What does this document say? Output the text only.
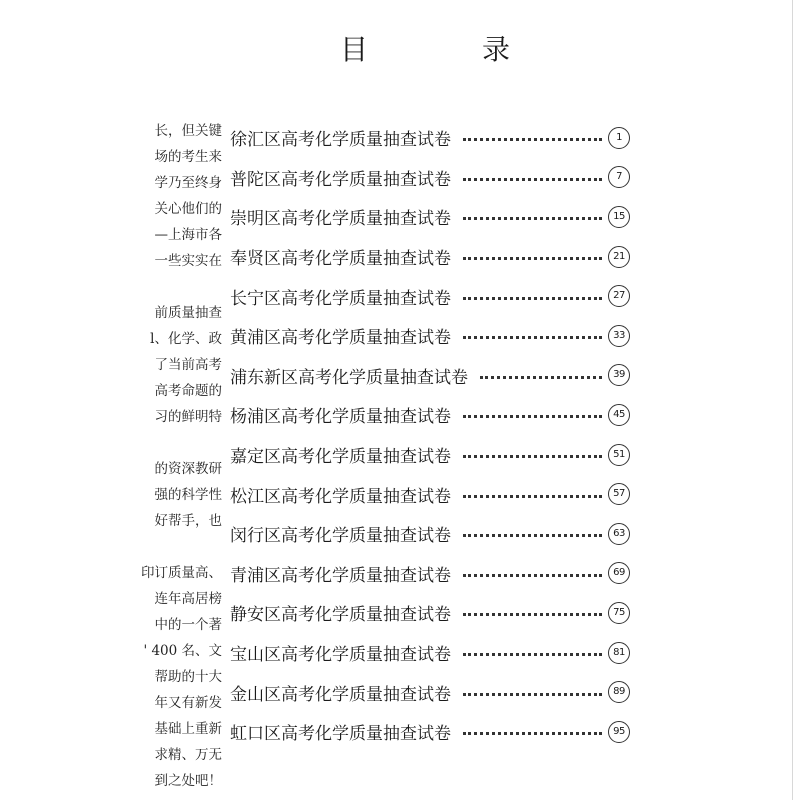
目	录
长，但关键
场的考生来
学乃至终身
关心他们的
—上海市各
一些实实在
前质量抽查
l、化学、政
了当前高考
高考命题的
习的鲜明特
的资深教研
强的科学性
好帮手，也
印订质量高、
连年高居榜
中的一个著
' 400 名、文
帮助的十大
年又有新发
基础上重新
求精、万无
到之处吧！
徐汇区高考化学质量抽查试卷	1
普陀区高考化学质量抽查试卷	7
崇明区高考化学质量抽查试卷	15
奉贤区高考化学质量抽查试卷	21
长宁区高考化学质量抽查试卷	27
黄浦区高考化学质量抽查试卷	33
浦东新区高考化学质量抽查试卷	39
杨浦区高考化学质量抽查试卷	45
嘉定区高考化学质量抽查试卷	51
松江区高考化学质量抽查试卷	57
闵行区高考化学质量抽查试卷	63
青浦区高考化学质量抽查试卷	69
静安区高考化学质量抽查试卷	75
宝山区高考化学质量抽查试卷	81
金山区高考化学质量抽查试卷	89
虹口区高考化学质量抽查试卷	95
